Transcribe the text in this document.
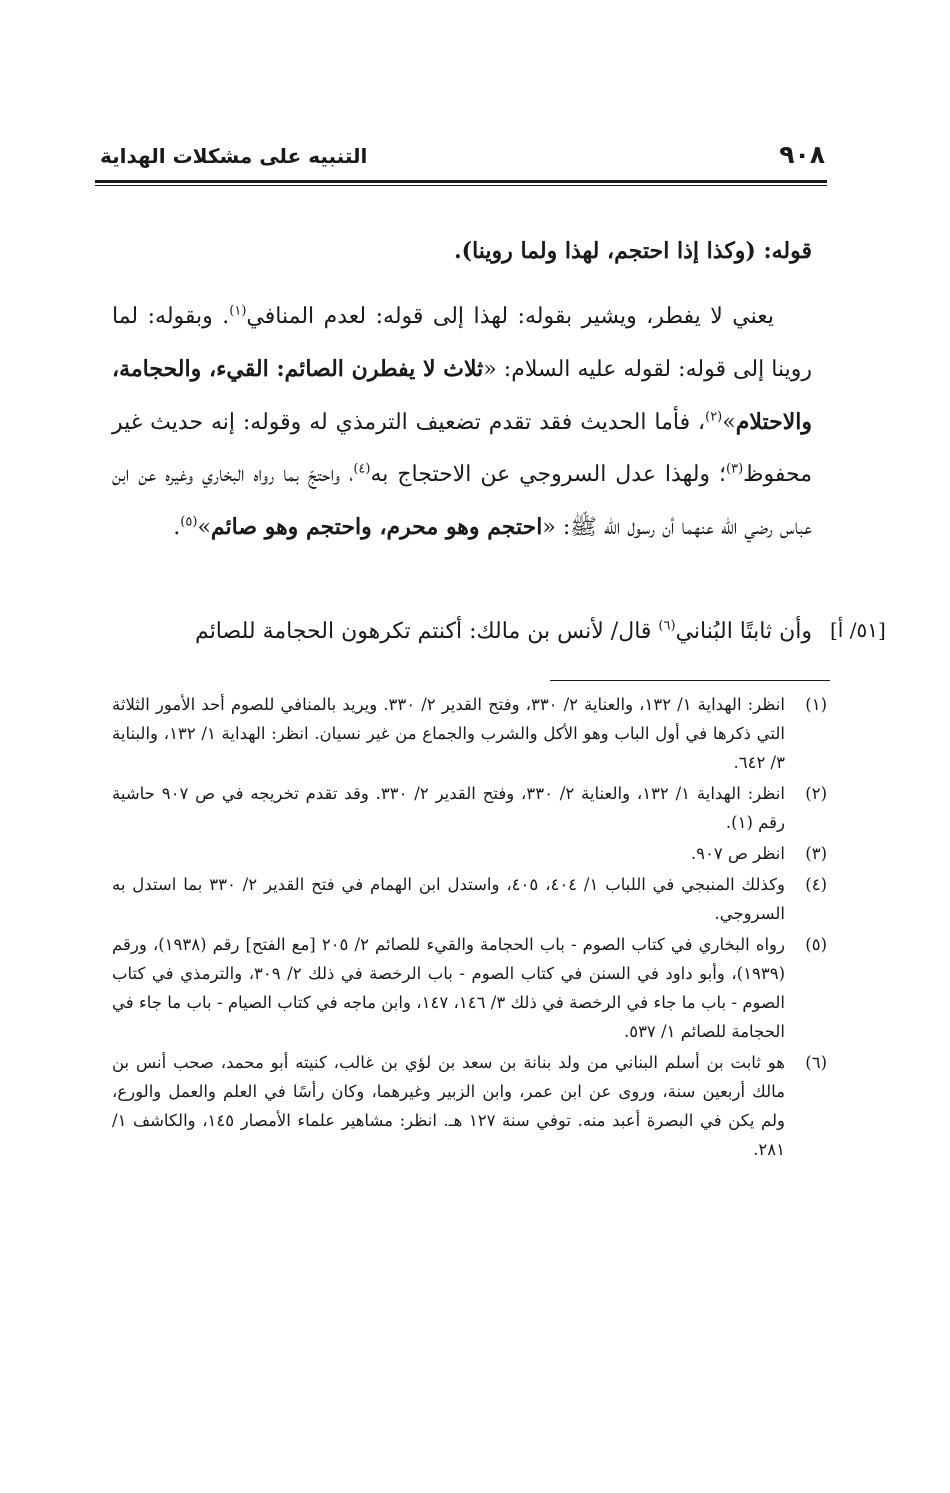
٩٠٨
التنبيه على مشكلات الهداية

قوله: (وكذا إذا احتجم، لهذا ولما روينا).

يعني لا يفطر، ويشير بقوله: لهذا إلى قوله: لعدم المنافي$^{(١)}$. وبقوله: لما روينا إلى قوله: لقوله عليه السلام: «ثلاث لا يفطرن الصائم: القيء، والحجامة، والاحتلام»$^{(٢)}$، فأما الحديث فقد تقدم تضعيف الترمذي له وقوله: إنه حديث غير محفوظ$^{(٣)}$؛ ولهذا عدل السروجي عن الاحتجاج به$^{(٤)}$، واحتجّ بما رواه البخاري وغيره عن ابن عباس رضي الله عنهما أن رسول الله ﷺ: «احتجم وهو محرم، واحتجم وهو صائم»$^{(٥)}$.

وأن ثابتًا البُناني$^{(٦)}$ قال/ لأنس بن مالك: أكنتم تكرهون الحجامة للصائم	[٥١/ أ]
(١)
انظر: الهداية ١/ ١٣٢، والعناية ٢/ ٣٣٠، وفتح القدير ٢/ ٣٣٠. ويريد بالمنافي للصوم أحد الأمور الثلاثة التي ذكرها في أول الباب وهو الأكل والشرب والجماع من غير نسيان. انظر: الهداية ١/ ١٣٢، والبناية ٣/ ٦٤٢.
(٢)
انظر: الهداية ١/ ١٣٢، والعناية ٢/ ٣٣٠، وفتح القدير ٢/ ٣٣٠. وقد تقدم تخريجه في ص ٩٠٧ حاشية رقم (١).
(٣)
انظر ص ٩٠٧.
(٤)
وكذلك المنبجي في اللباب ١/ ٤٠٤، ٤٠٥، واستدل ابن الهمام في فتح القدير ٢/ ٣٣٠ بما استدل به السروجي.
(٥)
رواه البخاري في كتاب الصوم - باب الحجامة والقيء للصائم ٢/ ٢٠٥ [مع الفتح] رقم (١٩٣٨)، ورقم (١٩٣٩)، وأبو داود في السنن في كتاب الصوم - باب الرخصة في ذلك ٢/ ٣٠٩، والترمذي في كتاب الصوم - باب ما جاء في الرخصة في ذلك ٣/ ١٤٦، ١٤٧، وابن ماجه في كتاب الصيام - باب ما جاء في الحجامة للصائم ١/ ٥٣٧.
(٦)
هو ثابت بن أسلم البناني من ولد بنانة بن سعد بن لؤي بن غالب، كنيته أبو محمد، صحب أنس بن مالك أربعين سنة، وروى عن ابن عمر، وابن الزبير وغيرهما، وكان رأسًا في العلم والعمل والورع، ولم يكن في البصرة أعبد منه. توفي سنة ١٢٧ هـ. انظر: مشاهير علماء الأمصار ١٤٥، والكاشف ١/ ٢٨١.
